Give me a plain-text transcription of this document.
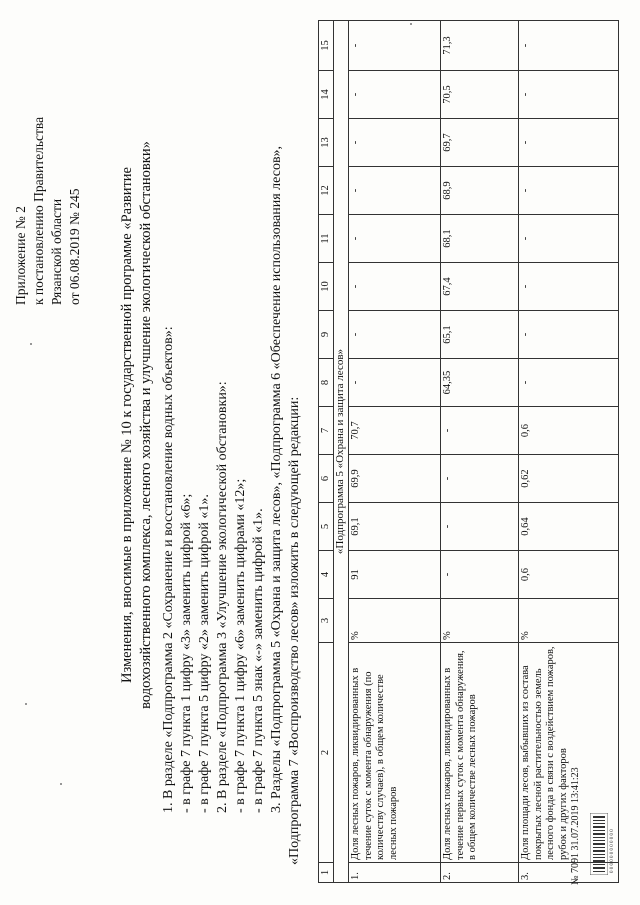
Приложение № 2 к постановлению Правительства Рязанской области от 06.08.2019 № 245	Изменения, вносимые в приложение № 10 к государственной программе «Развитие водохозяйственного комплекса, лесного хозяйства и улучшение экологической обстановки» 1. В разделе «Подпрограмма 2 «Сохранение и восстановление водных объектов»: - в графе 7 пункта 1 цифру «3» заменить цифрой «6»; - в графе 7 пункта 5 цифру «2» заменить цифрой «1». 2. В разделе «Подпрограмма 3 «Улучшение экологической обстановки»: - в графе 7 пункта 1 цифру «6» заменить цифрами «12»; - в графе 7 пункта 5 знак «-» заменить цифрой «1». 3. Разделы «Подпрограмма 5 «Охрана и защита лесов», «Подпрограмма 6 «Обеспечение использования лесов», «Подпрограмма 7 «Воспроизводство лесов» изложить в следующей редакции:
1	2	3	4	5	6	7	8	9	10	11	12	13	14	15
«Подпрограмма 5 «Охрана и защита лесов»														
1.	Доля лесных пожаров, ликвидированных в течение суток с момента обнаружения (по количеству случаев), в общем количестве лесных пожаров	%	91	69,1	69,9	70,7	-	-	-	-	-	-	-	-
2.	Доля лесных пожаров, ликвидированных в течение первых суток с момента обнаружения, в общем количестве лесных пожаров	%	-	-	-	-	64,35	65,1	67,4	68,1	68,9	69,7	70,5	71,3
3.	Доля площади лесов, выбывших из состава покрытых лесной растительностью земель лесного фонда в связи с воздействием пожаров, рубок и других факторов	%	0,6	0,64	0,62	0,6	-	-	-	-	-	-	-	-
№ 7091 31.07.2019 13:41:23	0 0 0 0 0 0 0 0 0 0 0 0
